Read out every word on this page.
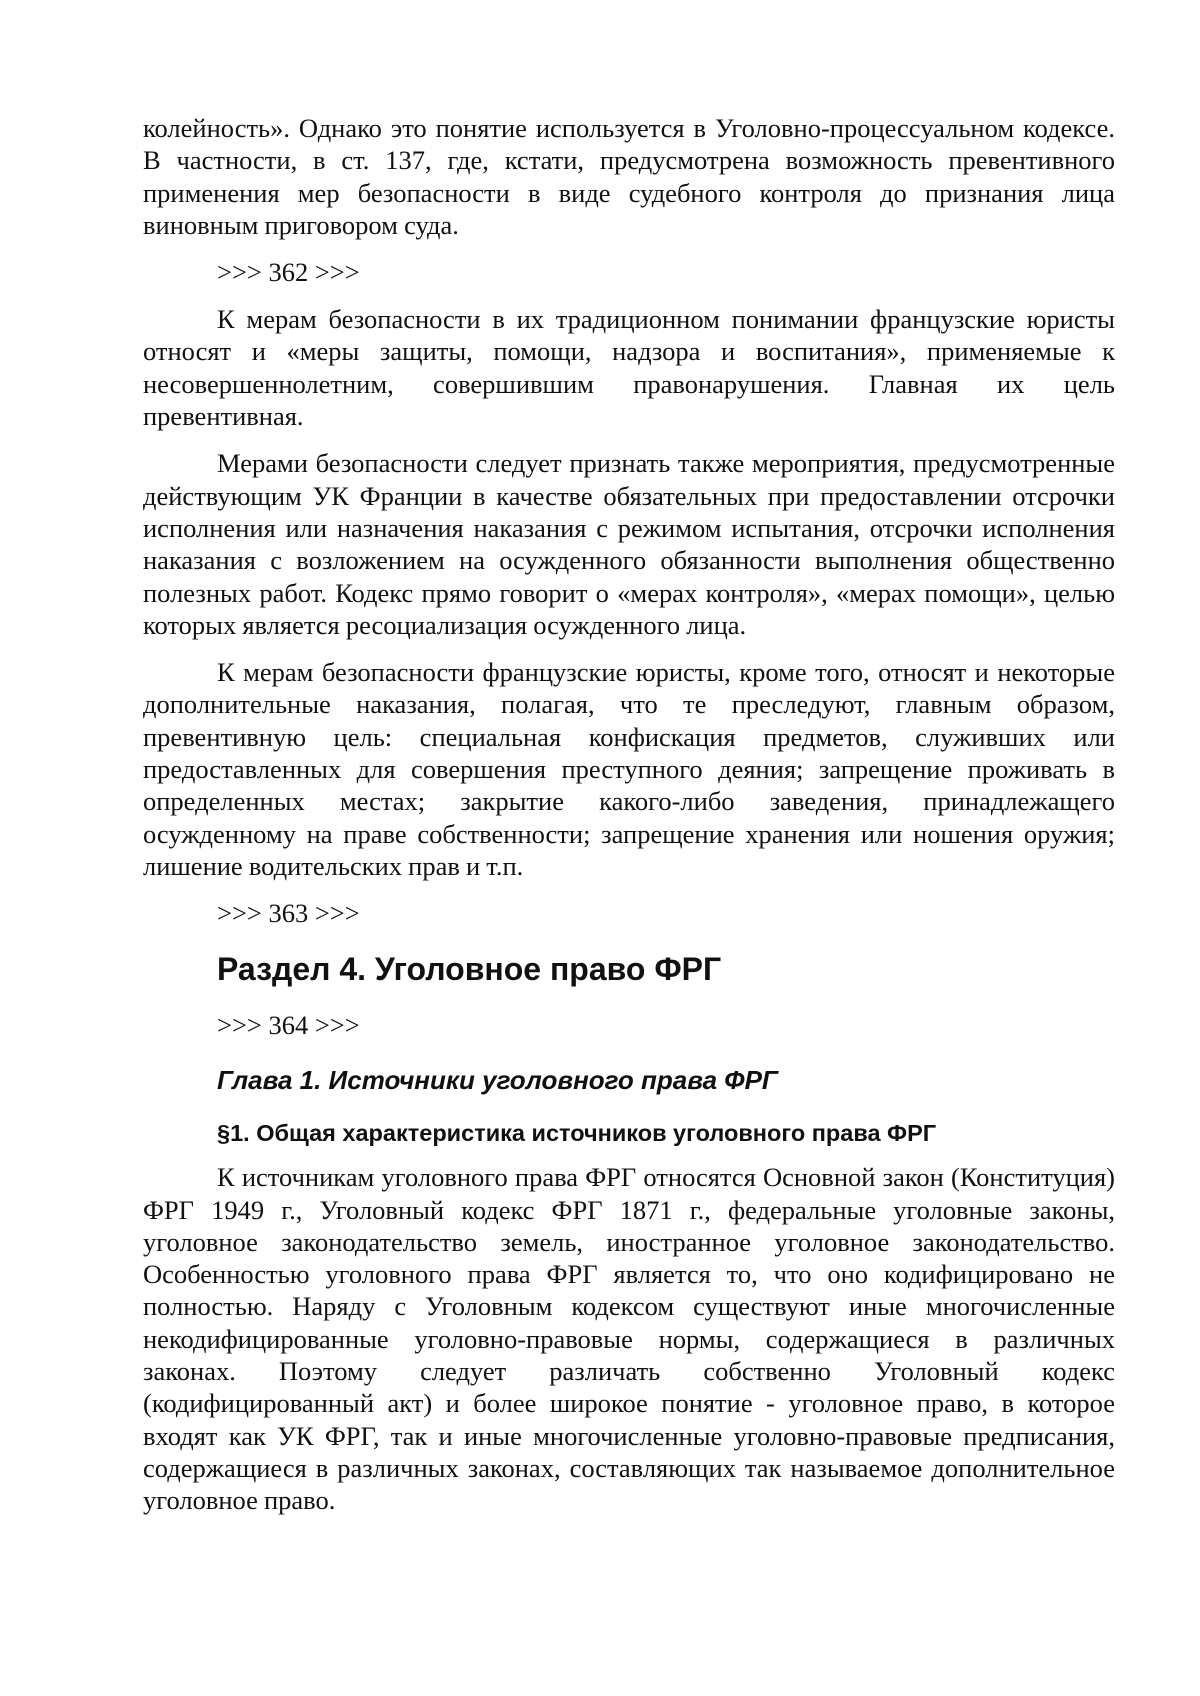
колейность». Однако это понятие используется в Уголовно-процессуальном кодексе. В частности, в ст. 137, где, кстати, предусмотрена возможность превентивного применения мер безопасности в виде судебного контроля до признания лица виновным приговором суда.

>>> 362 >>>

К мерам безопасности в их традиционном понимании французские юристы относят и «меры защиты, помощи, надзора и воспитания», применяемые к несовершеннолетним, совершившим правонарушения. Главная их цель превентивная.

Мерами безопасности следует признать также мероприятия, предусмотренные действующим УК Франции в качестве обязательных при предоставлении отсрочки исполнения или назначения наказания с режимом испытания, отсрочки исполнения наказания с возложением на осужденного обязанности выполнения общественно полезных работ. Кодекс прямо говорит о «мерах контроля», «мерах помощи», целью которых является ресоциализация осужденного лица.

К мерам безопасности французские юристы, кроме того, относят и некоторые дополнительные наказания, полагая, что те преследуют, главным образом, превентивную цель: специальная конфискация предметов, служивших или предоставленных для совершения преступного деяния; запрещение проживать в определенных местах; закрытие какого-либо заведения, принадлежащего осужденному на праве собственности; запрещение хранения или ношения оружия; лишение водительских прав и т.п.

>>> 363 >>>
Раздел 4. Уголовное право ФРГ
>>> 364 >>>
Глава 1. Источники уголовного права ФРГ
§1. Общая характеристика источников уголовного права ФРГ

К источникам уголовного права ФРГ относятся Основной закон (Конституция) ФРГ 1949 г., Уголовный кодекс ФРГ 1871 г., федеральные уголовные законы, уголовное законодательство земель, иностранное уголовное законодательство. Особенностью уголовного права ФРГ является то, что оно кодифицировано не полностью. Наряду с Уголовным кодексом существуют иные многочисленные некодифицированные уголовно-правовые нормы, содержащиеся в различных законах. Поэтому следует различать собственно Уголовный кодекс (кодифицированный акт) и более широкое понятие - уголовное право, в которое входят как УК ФРГ, так и иные многочисленные уголовно-правовые предписания, содержащиеся в различных законах, составляющих так называемое дополнительное уголовное право.
